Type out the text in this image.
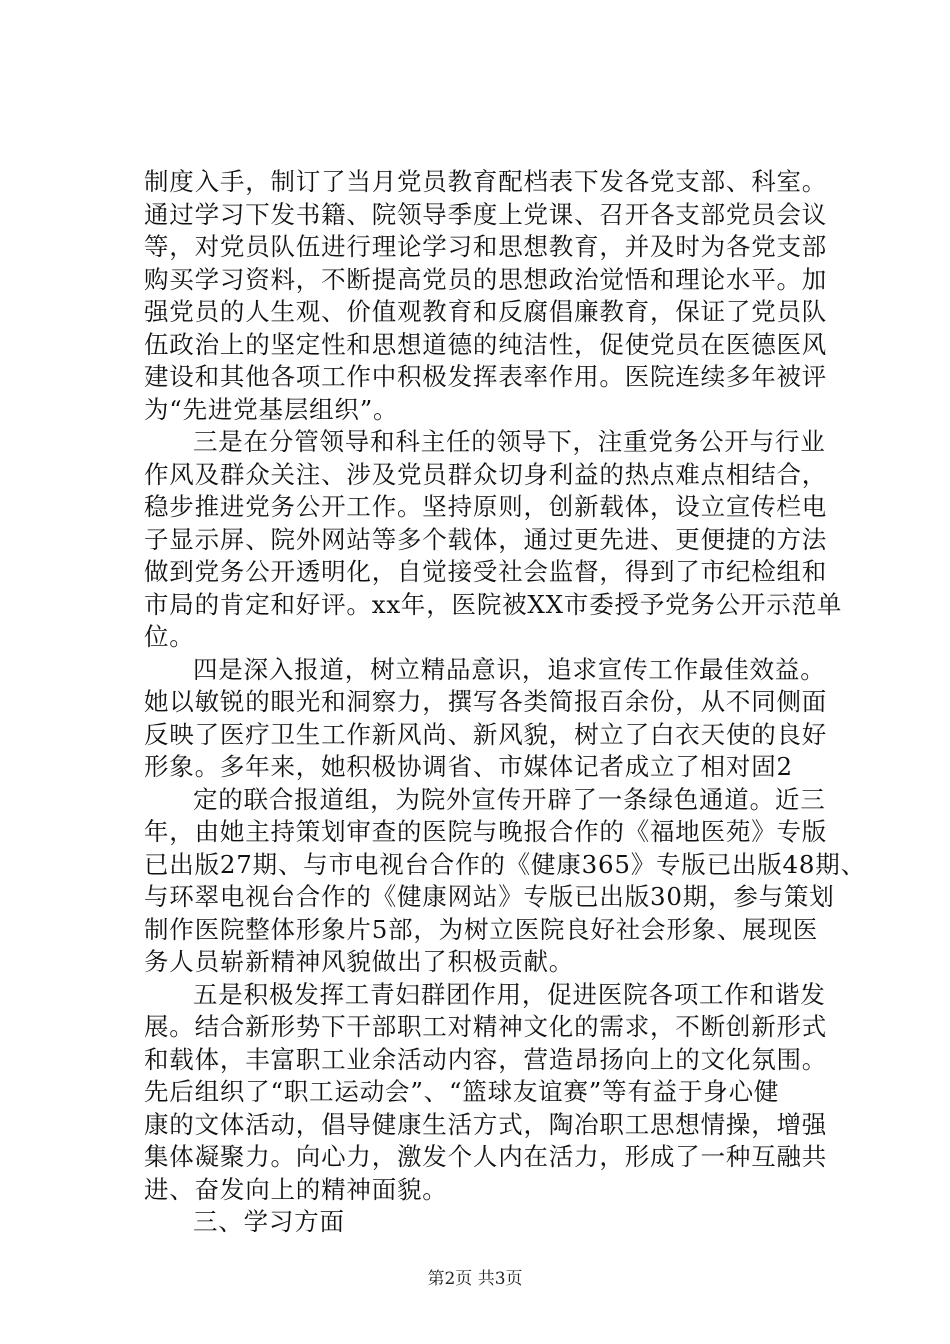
制度入手，制订了当月党员教育配档表下发各党支部、科室。
通过学习下发书籍、院领导季度上党课、召开各支部党员会议
等，对党员队伍进行理论学习和思想教育，并及时为各党支部
购买学习资料，不断提高党员的思想政治觉悟和理论水平。加
强党员的人生观、价值观教育和反腐倡廉教育，保证了党员队
伍政治上的坚定性和思想道德的纯洁性，促使党员在医德医风
建设和其他各项工作中积极发挥表率作用。医院连续多年被评
为“先进党基层组织”。
三是在分管领导和科主任的领导下，注重党务公开与行业
作风及群众关注、涉及党员群众切身利益的热点难点相结合，
稳步推进党务公开工作。坚持原则，创新载体，设立宣传栏电
子显示屏、院外网站等多个载体，通过更先进、更便捷的方法
做到党务公开透明化，自觉接受社会监督，得到了市纪检组和
市局的肯定和好评。xx年，医院被XX市委授予党务公开示范单
位。
四是深入报道，树立精品意识，追求宣传工作最佳效益。
她以敏锐的眼光和洞察力，撰写各类简报百余份，从不同侧面
反映了医疗卫生工作新风尚、新风貌，树立了白衣天使的良好
形象。多年来，她积极协调省、市媒体记者成立了相对固2
定的联合报道组，为院外宣传开辟了一条绿色通道。近三
年，由她主持策划审查的医院与晚报合作的《福地医苑》专版
已出版27期、与市电视台合作的《健康365》专版已出版48期、
与环翠电视台合作的《健康网站》专版已出版30期，参与策划
制作医院整体形象片5部，为树立医院良好社会形象、展现医
务人员崭新精神风貌做出了积极贡献。
五是积极发挥工青妇群团作用，促进医院各项工作和谐发
展。结合新形势下干部职工对精神文化的需求，不断创新形式
和载体，丰富职工业余活动内容，营造昂扬向上的文化氛围。
先后组织了“职工运动会”、“篮球友谊赛”等有益于身心健
康的文体活动，倡导健康生活方式，陶冶职工思想情操，增强
集体凝聚力。向心力，激发个人内在活力，形成了一种互融共
进、奋发向上的精神面貌。
三、学习方面
第2页 共3页
